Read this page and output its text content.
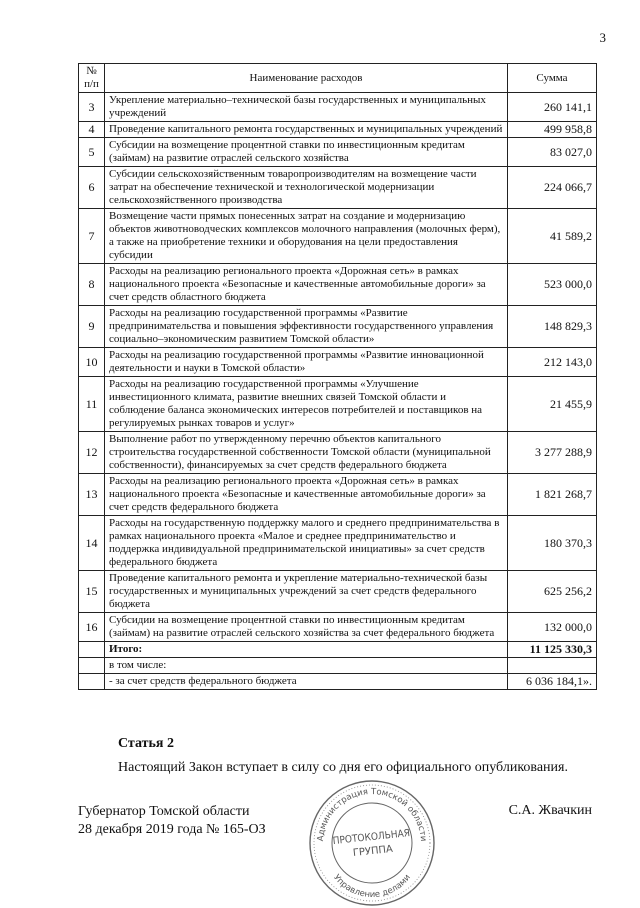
3
№ п/п	Наименование расходов	Сумма
3	Укрепление материально–технической базы государственных и муниципальных учреждений	260 141,1
4	Проведение капитального ремонта государственных и муниципальных учреждений	499 958,8
5	Субсидии на возмещение процентной ставки по инвестиционным кредитам (займам) на развитие отраслей сельского хозяйства	83 027,0
6	Субсидии сельскохозяйственным товаропроизводителям на возмещение части затрат на обеспечение технической и технологической модернизации сельскохозяйственного производства	224 066,7
7	Возмещение части прямых понесенных затрат на создание и модернизацию объектов животноводческих комплексов молочного направления (молочных ферм), а также на приобретение техники и оборудования на цели предоставления субсидии	41 589,2
8	Расходы на реализацию регионального проекта «Дорожная сеть» в рамках национального проекта «Безопасные и качественные автомобильные дороги» за счет средств областного бюджета	523 000,0
9	Расходы на реализацию государственной программы «Развитие предпринимательства и повышения эффективности государственного управления социально–экономическим развитием Томской области»	148 829,3
10	Расходы на реализацию государственной программы «Развитие инновационной деятельности и науки в Томской области»	212 143,0
11	Расходы на реализацию государственной программы «Улучшение инвестиционного климата, развитие внешних связей Томской области и соблюдение баланса экономических интересов потребителей и поставщиков на регулируемых рынках товаров и услуг»	21 455,9
12	Выполнение работ по утвержденному перечню объектов капитального строительства государственной собственности Томской области (муниципальной собственности), финансируемых за счет средств федерального бюджета	3 277 288,9
13	Расходы на реализацию регионального проекта «Дорожная сеть» в рамках национального проекта «Безопасные и качественные автомобильные дороги» за счет средств федерального бюджета	1 821 268,7
14	Расходы на государственную поддержку малого и среднего предпринимательства в рамках национального проекта «Малое и среднее предпринимательство и поддержка индивидуальной предпринимательской инициативы» за счет средств федерального бюджета	180 370,3
15	Проведение капитального ремонта и укрепление материально-технической базы государственных и муниципальных учреждений за счет средств федерального бюджета	625 256,2
16	Субсидии на возмещение процентной ставки по инвестиционным кредитам (займам) на развитие отраслей сельского хозяйства за счет федерального бюджета	132 000,0
	Итого:	11 125 330,3
	в том числе:	
	- за счет средств федерального бюджета	6 036 184,1».
Статья 2
Настоящий Закон вступает в силу со дня его официального опубликования.
Губернатор Томской области
28 декабря 2019 года № 165-ОЗ
С.А. Жвачкин
Администрация Томской области
Управление делами
ПРОТОКОЛЬНАЯ
ГРУППА
